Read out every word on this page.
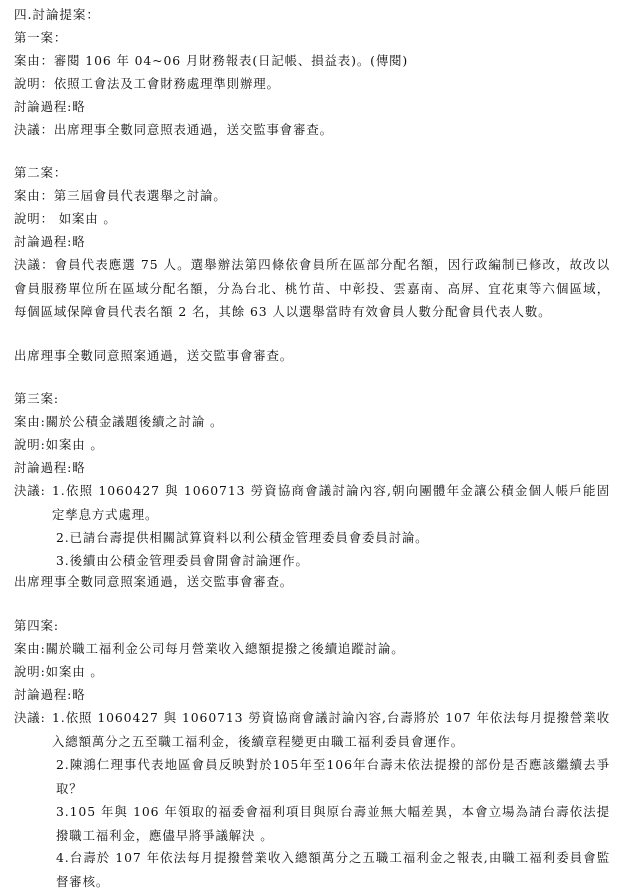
四.討論提案：
第一案：
案由：審閱 106 年 04~06 月財務報表(日記帳、損益表)。(傳閱)
說明：依照工會法及工會財務處理準則辦理。
討論過程:略
決議：出席理事全數同意照表通過，送交監事會審查。
第二案：
案由：第三屆會員代表選舉之討論。
說明： 如案由 。
討論過程:略
決議：會員代表應選 75 人。選舉辦法第四條依會員所在區部分配名額，因行政編制已修改，故改以會員服務單位所在區域分配名額，分為台北、桃竹苗、中彰投、雲嘉南、高屏、宜花東等六個區域，每個區域保障會員代表名額 2 名，其餘 63 人以選舉當時有效會員人數分配會員代表人數。
出席理事全數同意照案通過，送交監事會審查。
第三案:
案由:關於公積金議題後續之討論 。
說明:如案由 。
討論過程:略
決議: 1.依照 1060427 與 1060713 勞資協商會議討論內容,朝向團體年金讓公積金個人帳戶能固定孳息方式處理。
2.已請台壽提供相關試算資料以利公積金管理委員會委員討論。
3.後續由公積金管理委員會開會討論運作。
出席理事全數同意照案通過，送交監事會審查。
第四案:
案由:關於職工福利金公司每月營業收入總額提撥之後續追蹤討論。
說明:如案由 。
討論過程:略
決議: 1.依照 1060427 與 1060713 勞資協商會議討論內容,台壽將於 107 年依法每月提撥營業收入總額萬分之五至職工福利金，後續章程變更由職工福利委員會運作。
2.陳鴻仁理事代表地區會員反映對於105年至106年台壽未依法提撥的部份是否應該繼續去爭取？
3.105 年與 106 年領取的福委會福利項目與原台壽並無大幅差異，本會立場為請台壽依法提撥職工福利金，應儘早將爭議解決 。
4.台壽於 107 年依法每月提撥營業收入總額萬分之五職工福利金之報表,由職工福利委員會監督審核。
